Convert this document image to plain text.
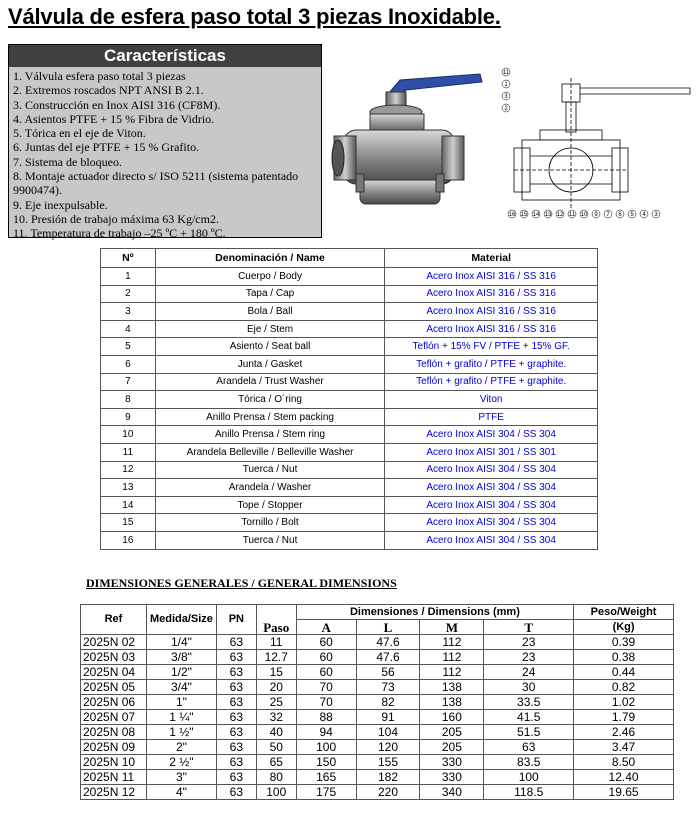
Válvula de esfera paso total 3 piezas Inoxidable.
Características
1. Válvula esfera paso total 3 piezas
2. Extremos roscados NPT ANSI B 2.1.
3. Construcción en Inox AISI 316 (CF8M).
4. Asientos PTFE + 15 % Fibra de Vidrio.
5. Tórica en el eje de Viton.
6. Juntas del eje PTFE + 15 % Grafito.
7. Sistema de bloqueo.
8. Montaje actuador directo s/ ISO 5211 (sistema patentado 9900474).
9. Eje inexpulsable.
10. Presión de trabajo máxima 63 Kg/cm2.
11. Temperatura de trabajo –25 ºC + 180 ºC.
11
1
3
2
16 15 14 13 12 11 10 9 7 6 5 4 3
Nº	Denominación / Name	Material
1	Cuerpo / Body	Acero Inox AISI 316 / SS 316
2	Tapa / Cap	Acero Inox AISI 316 / SS 316
3	Bola / Ball	Acero Inox AISI 316 / SS 316
4	Eje / Stem	Acero Inox AISI 316 / SS 316
5	Asiento / Seat ball	Teflón + 15% FV / PTFE + 15% GF.
6	Junta / Gasket	Teflón + grafito / PTFE + graphite.
7	Arandela / Trust Washer	Teflón + grafito / PTFE + graphite.
8	Tórica / O´ring	Viton
9	Anillo Prensa / Stem packing	PTFE
10	Anillo Prensa / Stem ring	Acero Inox AISI 304 / SS 304
11	Arandela Belleville / Belleville Washer	Acero Inox AISI 301 / SS 301
12	Tuerca / Nut	Acero Inox AISI 304 / SS 304
13	Arandela / Washer	Acero Inox AISI 304 / SS 304
14	Tope / Stopper	Acero Inox AISI 304 / SS 304
15	Tornillo / Bolt	Acero Inox AISI 304 / SS 304
16	Tuerca / Nut	Acero Inox AISI 304 / SS 304
DIMENSIONES GENERALES / GENERAL DIMENSIONS
Ref	Medida/Size	PN	Paso	Dimensiones / Dimensions (mm)				Peso/Weight
				A	L	M	T	(Kg)
2025N 02	1/4"	63	11	60	47.6	112	23	0.39
2025N 03	3/8"	63	12.7	60	47.6	112	23	0.38
2025N 04	1/2"	63	15	60	56	112	24	0.44
2025N 05	3/4"	63	20	70	73	138	30	0.82
2025N 06	1"	63	25	70	82	138	33.5	1.02
2025N 07	1 ¼"	63	32	88	91	160	41.5	1.79
2025N 08	1 ½"	63	40	94	104	205	51.5	2.46
2025N 09	2"	63	50	100	120	205	63	3.47
2025N 10	2 ½"	63	65	150	155	330	83.5	8.50
2025N 11	3"	63	80	165	182	330	100	12.40
2025N 12	4"	63	100	175	220	340	118.5	19.65
